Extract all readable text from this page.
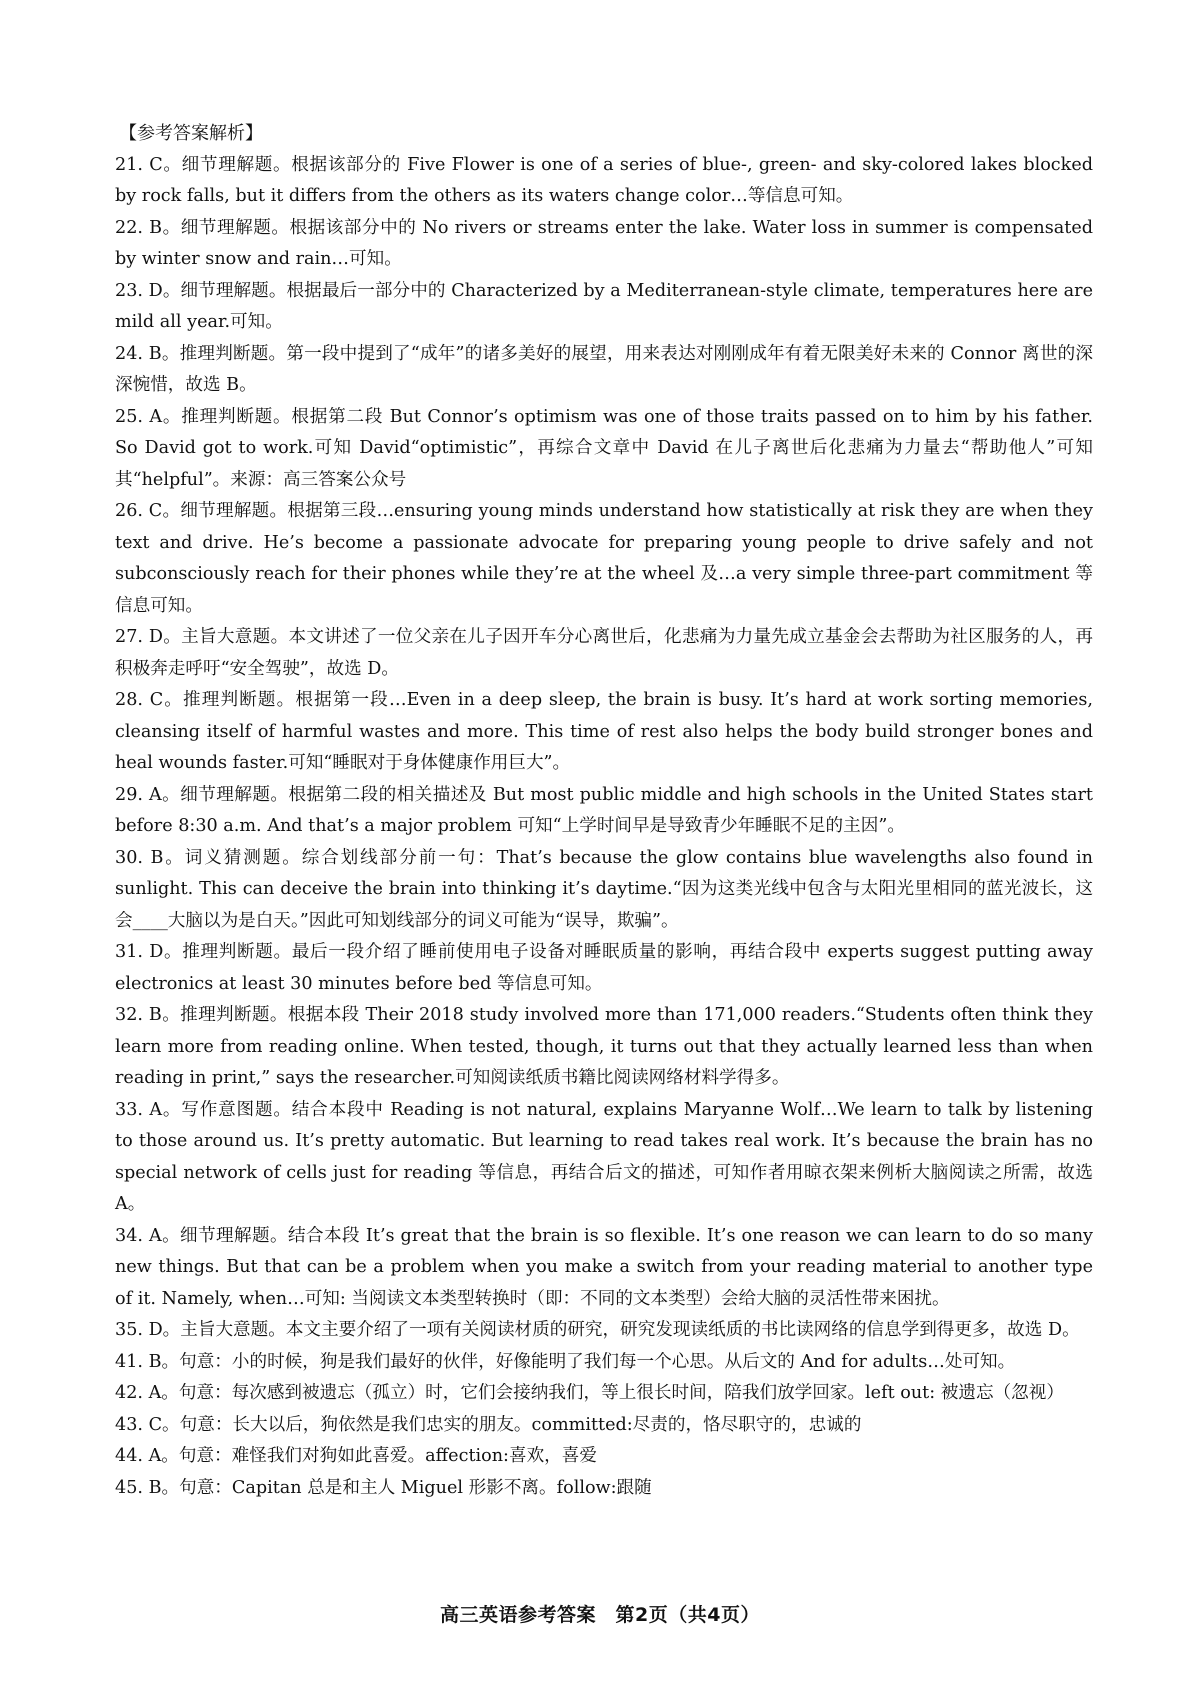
【参考答案解析】

21. C。细节理解题。根据该部分的 Five Flower is one of a series of blue-, green- and sky-colored lakes blocked by rock falls, but it differs from the others as its waters change color…等信息可知。

22. B。细节理解题。根据该部分中的 No rivers or streams enter the lake. Water loss in summer is compensated by winter snow and rain…可知。

23. D。细节理解题。根据最后一部分中的 Characterized by a Mediterranean-style climate, temperatures here are mild all year.可知。

24. B。推理判断题。第一段中提到了“成年”的诸多美好的展望，用来表达对刚刚成年有着无限美好未来的 Connor 离世的深深惋惜，故选 B。

25. A。推理判断题。根据第二段 But Connor’s optimism was one of those traits passed on to him by his father. So David got to work.可知 David“optimistic”，再综合文章中 David 在儿子离世后化悲痛为力量去“帮助他人”可知其“helpful”。来源：高三答案公众号

26. C。细节理解题。根据第三段…ensuring young minds understand how statistically at risk they are when they text and drive. He’s become a passionate advocate for preparing young people to drive safely and not subconsciously reach for their phones while they’re at the wheel 及…a very simple three-part commitment 等信息可知。

27. D。主旨大意题。本文讲述了一位父亲在儿子因开车分心离世后，化悲痛为力量先成立基金会去帮助为社区服务的人，再积极奔走呼吁“安全驾驶”，故选 D。

28. C。推理判断题。根据第一段…Even in a deep sleep, the brain is busy. It’s hard at work sorting memories, cleansing itself of harmful wastes and more. This time of rest also helps the body build stronger bones and heal wounds faster.可知“睡眠对于身体健康作用巨大”。

29. A。细节理解题。根据第二段的相关描述及 But most public middle and high schools in the United States start before 8:30 a.m. And that’s a major problem 可知“上学时间早是导致青少年睡眠不足的主因”。

30. B。词义猜测题。综合划线部分前一句：That’s because the glow contains blue wavelengths also found in sunlight. This can deceive the brain into thinking it’s daytime.“因为这类光线中包含与太阳光里相同的蓝光波长，这会____大脑以为是白天。”因此可知划线部分的词义可能为“误导，欺骗”。

31. D。推理判断题。最后一段介绍了睡前使用电子设备对睡眠质量的影响，再结合段中 experts suggest putting away electronics at least 30 minutes before bed 等信息可知。

32. B。推理判断题。根据本段 Their 2018 study involved more than 171,000 readers.“Students often think they learn more from reading online. When tested, though, it turns out that they actually learned less than when reading in print,” says the researcher.可知阅读纸质书籍比阅读网络材料学得多。

33. A。写作意图题。结合本段中 Reading is not natural, explains Maryanne Wolf…We learn to talk by listening to those around us. It’s pretty automatic. But learning to read takes real work. It’s because the brain has no special network of cells just for reading 等信息，再结合后文的描述，可知作者用晾衣架来例析大脑阅读之所需，故选 A。

34. A。细节理解题。结合本段 It’s great that the brain is so flexible. It’s one reason we can learn to do so many new things. But that can be a problem when you make a switch from your reading material to another type of it. Namely, when…可知: 当阅读文本类型转换时（即：不同的文本类型）会给大脑的灵活性带来困扰。

35. D。主旨大意题。本文主要介绍了一项有关阅读材质的研究，研究发现读纸质的书比读网络的信息学到得更多，故选 D。

41. B。句意：小的时候，狗是我们最好的伙伴，好像能明了我们每一个心思。从后文的 And for adults…处可知。

42. A。句意：每次感到被遗忘（孤立）时，它们会接纳我们，等上很长时间，陪我们放学回家。left out: 被遗忘（忽视）

43. C。句意：长大以后，狗依然是我们忠实的朋友。committed:尽责的，恪尽职守的，忠诚的

44. A。句意：难怪我们对狗如此喜爱。affection:喜欢，喜爱

45. B。句意：Capitan 总是和主人 Miguel 形影不离。follow:跟随

高三英语参考答案　第2页（共4页）
